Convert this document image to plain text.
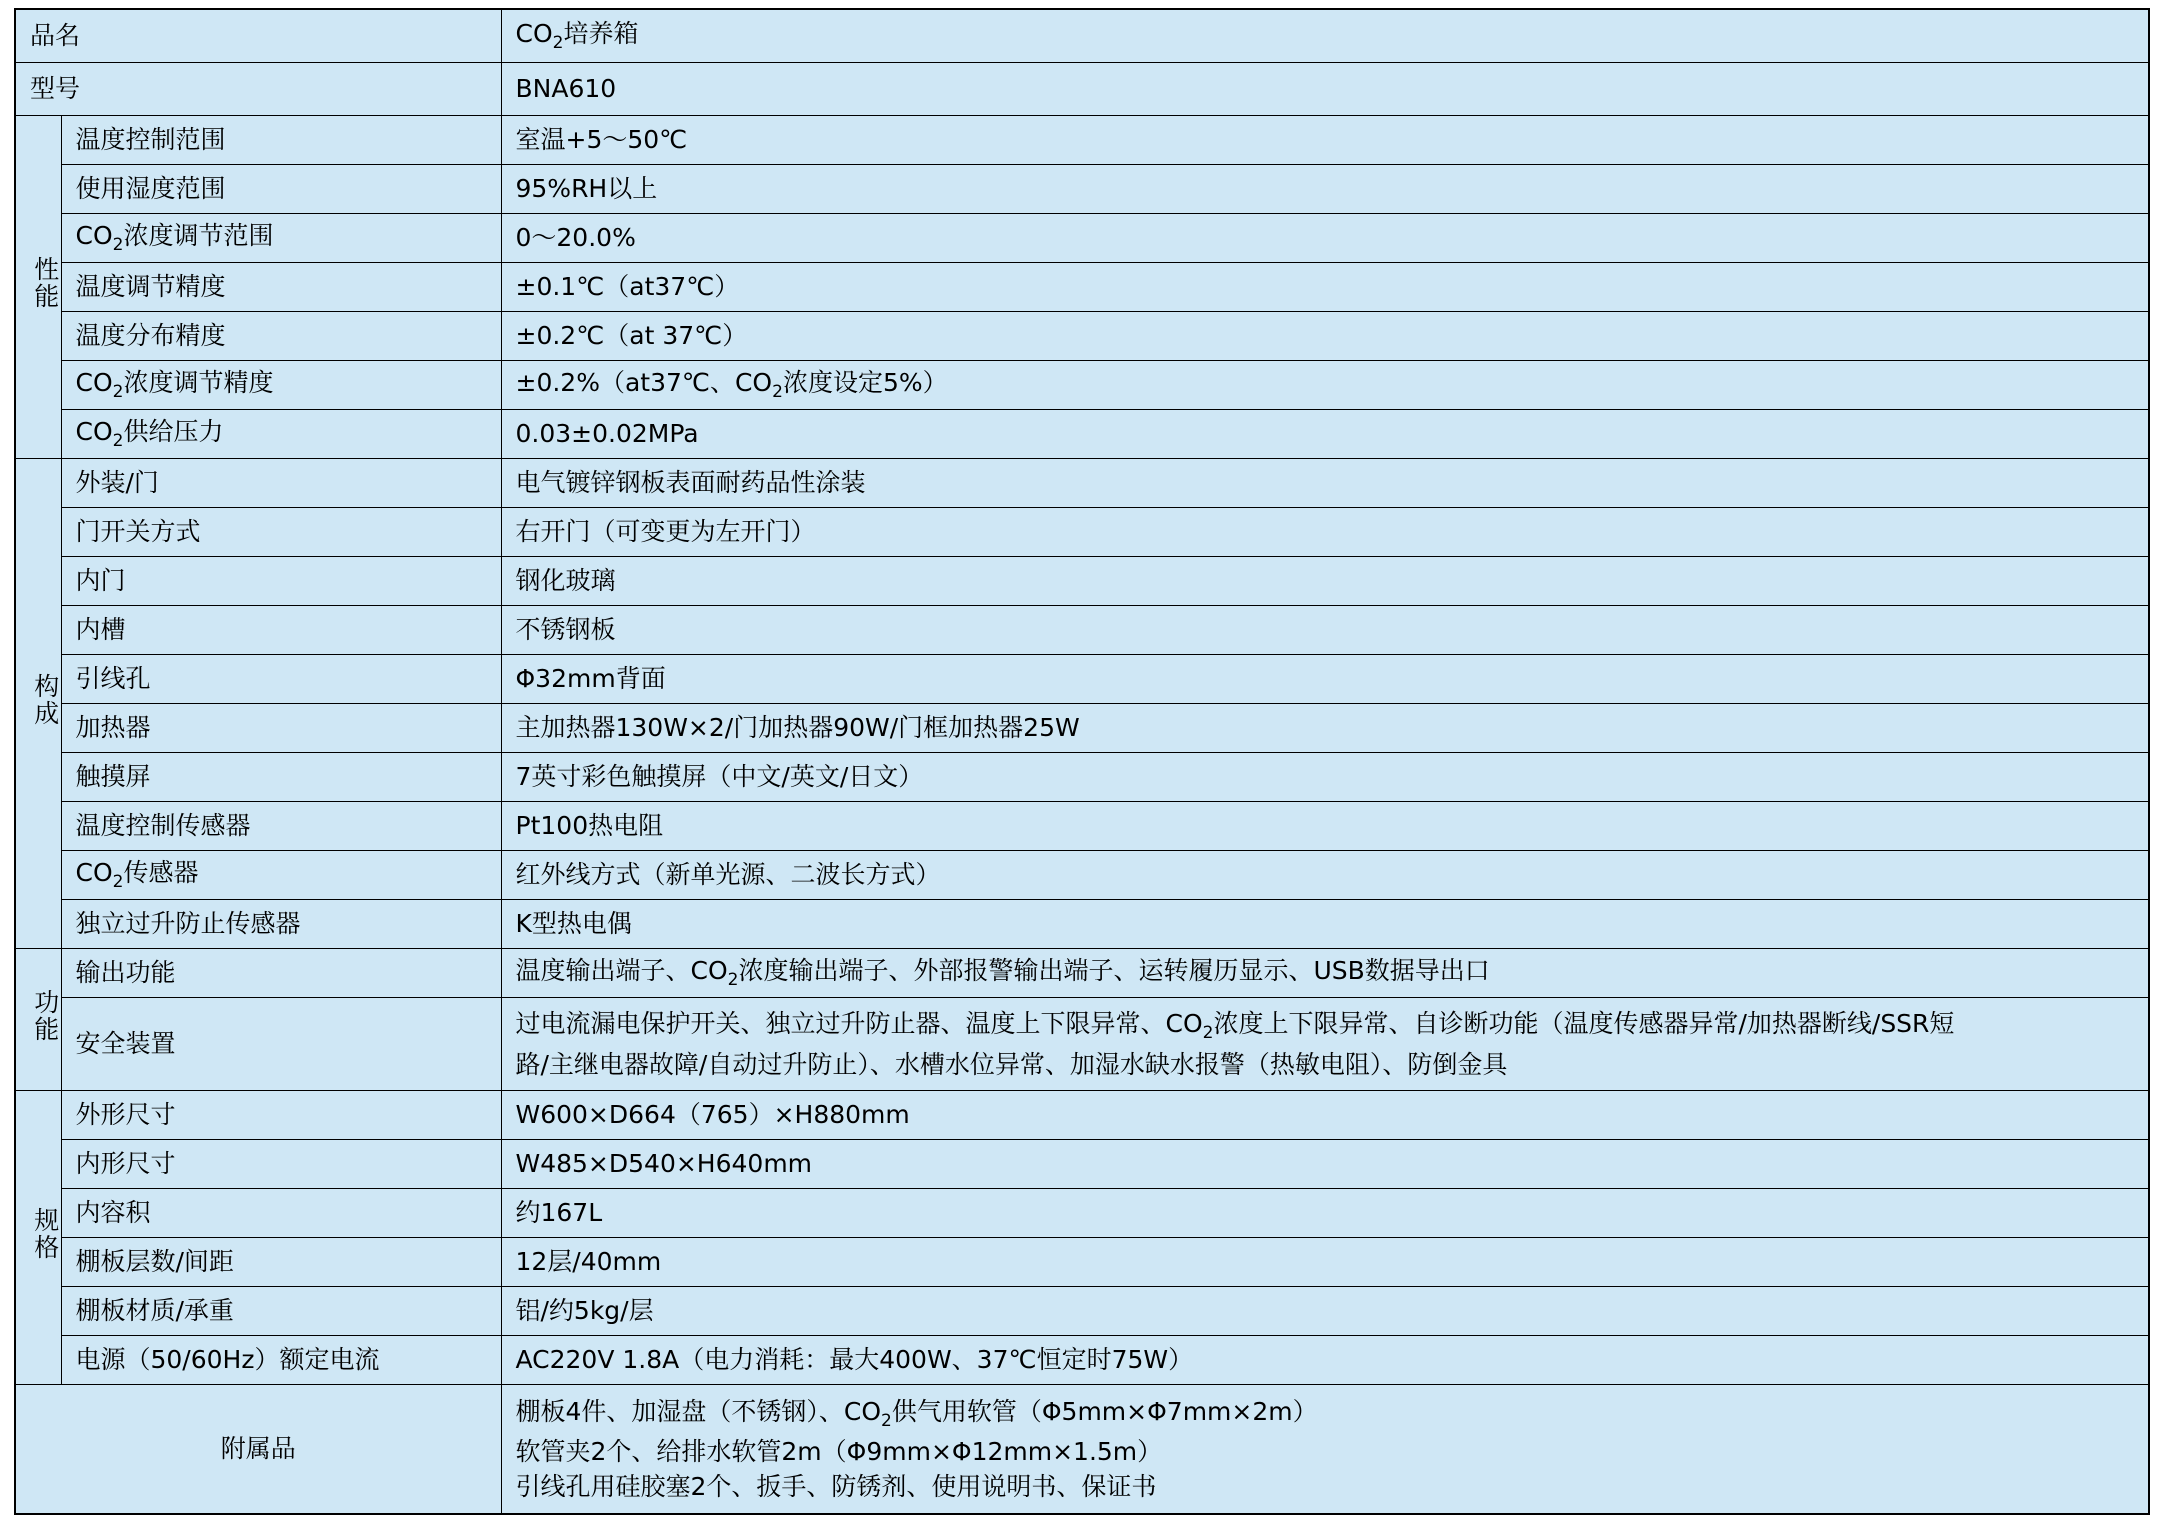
品名		$CO_2$培养箱
型号		BNA610
性能	温度控制范围	室温+5～50℃
	使用湿度范围	95%RH以上
	$CO_2$浓度调节范围	0～20.0%
	温度调节精度	±0.1℃（at37℃）
	温度分布精度	±0.2℃（at 37℃）
	$CO_2$浓度调节精度	±0.2%（at37℃、$CO_2$浓度设定5%）
	$CO_2$供给压力	0.03±0.02MPa
构成	外装/门	电气镀锌钢板表面耐药品性涂装
	门开关方式	右开门（可变更为左开门）
	内门	钢化玻璃
	内槽	不锈钢板
	引线孔	Φ32mm背面
	加热器	主加热器130W×2/门加热器90W/门框加热器25W
	触摸屏	7英寸彩色触摸屏（中文/英文/日文）
	温度控制传感器	Pt100热电阻
	$CO_2$传感器	红外线方式（新单光源、二波长方式）
	独立过升防止传感器	K型热电偶
功能	输出功能	温度输出端子、$CO_2$浓度输出端子、外部报警输出端子、运转履历显示、USB数据导出口
	安全装置	过电流漏电保护开关、独立过升防止器、温度上下限异常、$CO_2$浓度上下限异常、自诊断功能（温度传感器异常/加热器断线/SSR短
路/主继电器故障/自动过升防止）、水槽水位异常、加湿水缺水报警（热敏电阻）、防倒金具

规格	外形尺寸	W600×D664（765）×H880mm
	内形尺寸	W485×D540×H640mm
	内容积	约167L
	棚板层数/间距	12层/40mm
	棚板材质/承重	铝/约5kg/层
	电源（50/60Hz）额定电流	AC220V 1.8A（电力消耗：最大400W、37℃恒定时75W）
附属品		棚板4件、加湿盘（不锈钢）、$CO_2$供气用软管（Φ5mm×Φ7mm×2m）
软管夹2个、给排水软管2m（Φ9mm×Φ12mm×1.5m）
引线孔用硅胶塞2个、扳手、防锈剂、使用说明书、保证书
